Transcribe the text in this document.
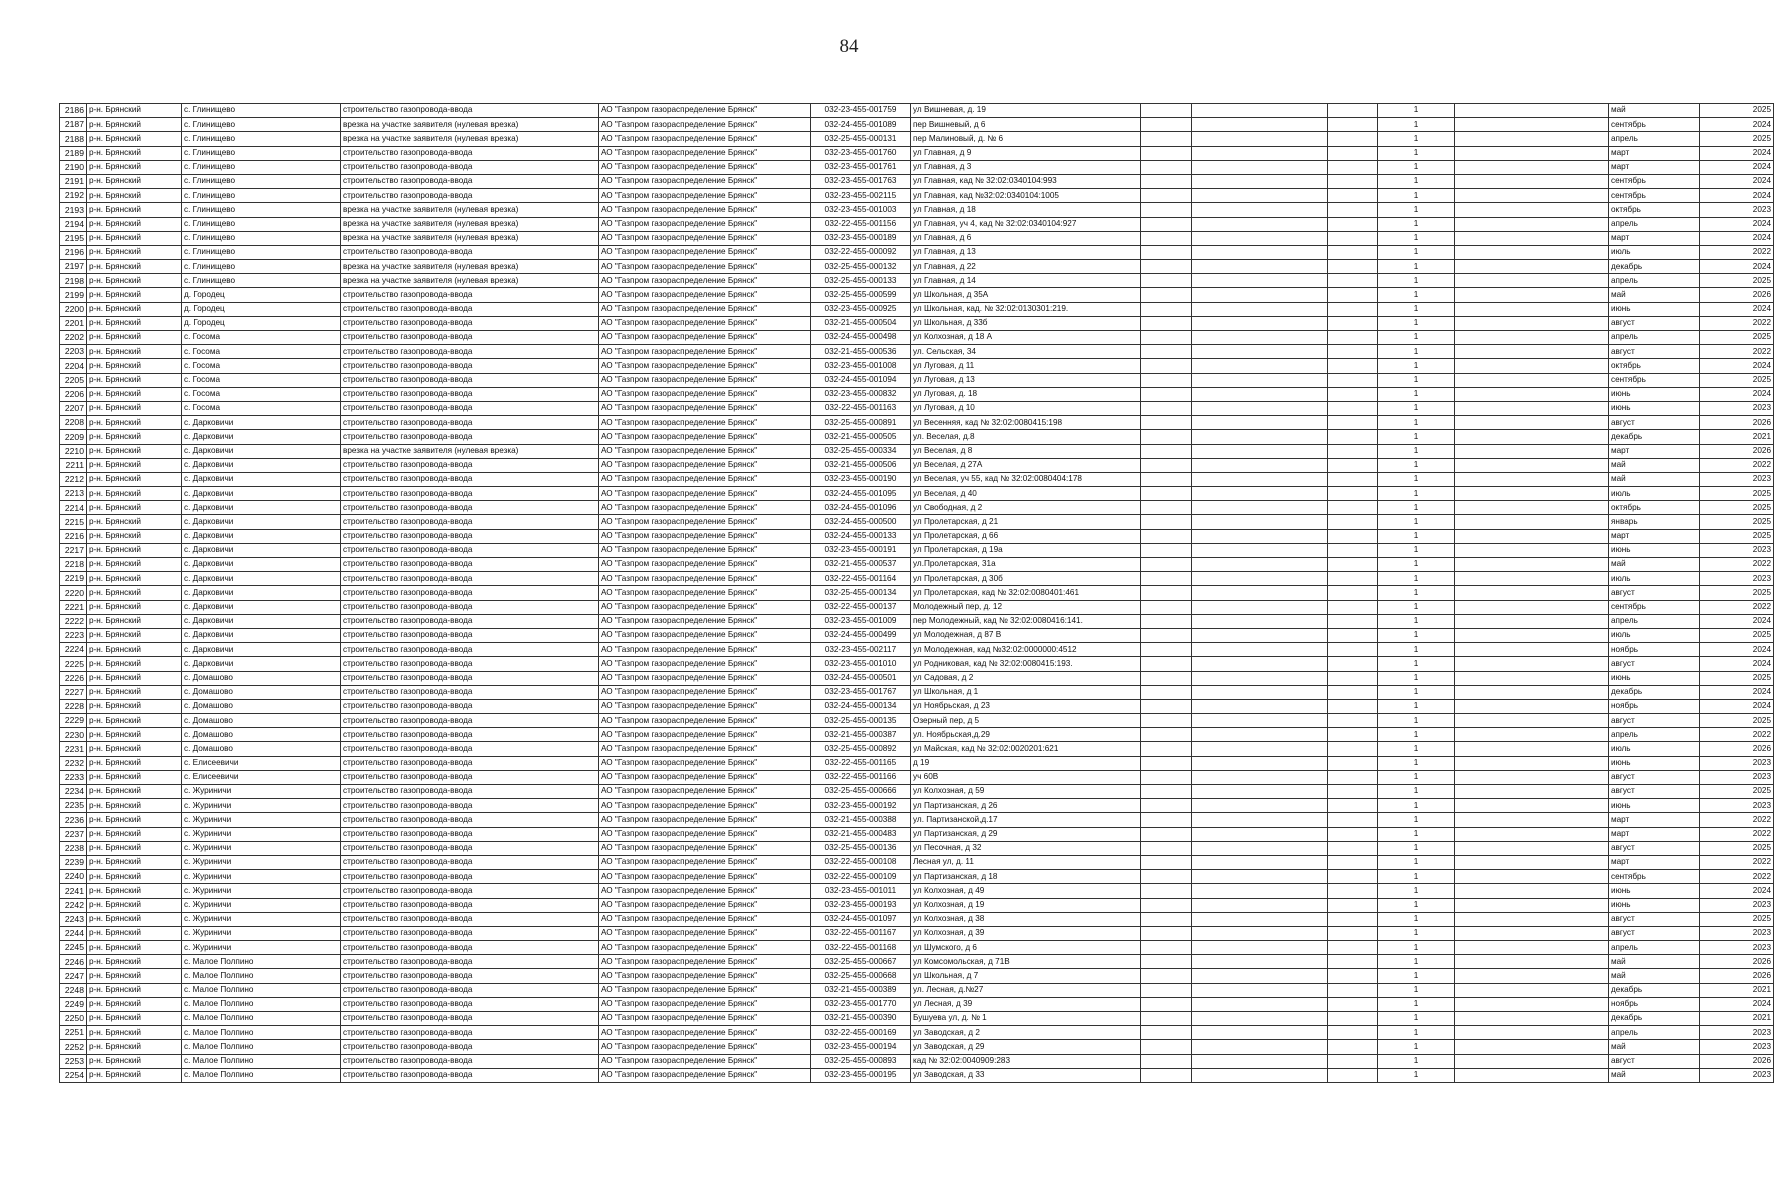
84
2186	р-н. Брянский	с. Глинищево	строительство газопровода-ввода	АО "Газпром газораспределение Брянск"	032-23-455-001759	ул Вишневая, д. 19				1		май	2025
2187	р-н. Брянский	с. Глинищево	врезка на участке заявителя (нулевая врезка)	АО "Газпром газораспределение Брянск"	032-24-455-001089	пер Вишневый, д 6				1		сентябрь	2024
2188	р-н. Брянский	с. Глинищево	врезка на участке заявителя (нулевая врезка)	АО "Газпром газораспределение Брянск"	032-25-455-000131	пер Малиновый, д. № 6				1		апрель	2025
2189	р-н. Брянский	с. Глинищево	строительство газопровода-ввода	АО "Газпром газораспределение Брянск"	032-23-455-001760	ул Главная, д 9				1		март	2024
2190	р-н. Брянский	с. Глинищево	строительство газопровода-ввода	АО "Газпром газораспределение Брянск"	032-23-455-001761	ул Главная, д 3				1		март	2024
2191	р-н. Брянский	с. Глинищево	строительство газопровода-ввода	АО "Газпром газораспределение Брянск"	032-23-455-001763	ул Главная, кад № 32:02:0340104:993				1		сентябрь	2024
2192	р-н. Брянский	с. Глинищево	строительство газопровода-ввода	АО "Газпром газораспределение Брянск"	032-23-455-002115	ул Главная, кад №32:02:0340104:1005				1		сентябрь	2024
2193	р-н. Брянский	с. Глинищево	врезка на участке заявителя (нулевая врезка)	АО "Газпром газораспределение Брянск"	032-23-455-001003	ул Главная, д 18				1		октябрь	2023
2194	р-н. Брянский	с. Глинищево	врезка на участке заявителя (нулевая врезка)	АО "Газпром газораспределение Брянск"	032-22-455-001156	ул Главная, уч 4, кад № 32:02:0340104:927				1		апрель	2024
2195	р-н. Брянский	с. Глинищево	врезка на участке заявителя (нулевая врезка)	АО "Газпром газораспределение Брянск"	032-23-455-000189	ул Главная, д 6				1		март	2024
2196	р-н. Брянский	с. Глинищево	строительство газопровода-ввода	АО "Газпром газораспределение Брянск"	032-22-455-000092	ул Главная, д 13				1		июль	2022
2197	р-н. Брянский	с. Глинищево	врезка на участке заявителя (нулевая врезка)	АО "Газпром газораспределение Брянск"	032-25-455-000132	ул Главная, д 22				1		декабрь	2024
2198	р-н. Брянский	с. Глинищево	врезка на участке заявителя (нулевая врезка)	АО "Газпром газораспределение Брянск"	032-25-455-000133	ул Главная, д 14				1		апрель	2025
2199	р-н. Брянский	д. Городец	строительство газопровода-ввода	АО "Газпром газораспределение Брянск"	032-25-455-000599	ул Школьная, д 35А				1		май	2026
2200	р-н. Брянский	д. Городец	строительство газопровода-ввода	АО "Газпром газораспределение Брянск"	032-23-455-000925	ул Школьная, кад. № 32:02:0130301:219.				1		июнь	2024
2201	р-н. Брянский	д. Городец	строительство газопровода-ввода	АО "Газпром газораспределение Брянск"	032-21-455-000504	ул Школьная, д 33б				1		август	2022
2202	р-н. Брянский	с. Госома	строительство газопровода-ввода	АО "Газпром газораспределение Брянск"	032-24-455-000498	ул Колхозная, д 18 А				1		апрель	2025
2203	р-н. Брянский	с. Госома	строительство газопровода-ввода	АО "Газпром газораспределение Брянск"	032-21-455-000536	ул. Сельская, 34				1		август	2022
2204	р-н. Брянский	с. Госома	строительство газопровода-ввода	АО "Газпром газораспределение Брянск"	032-23-455-001008	ул Луговая, д 11				1		октябрь	2024
2205	р-н. Брянский	с. Госома	строительство газопровода-ввода	АО "Газпром газораспределение Брянск"	032-24-455-001094	ул Луговая, д 13				1		сентябрь	2025
2206	р-н. Брянский	с. Госома	строительство газопровода-ввода	АО "Газпром газораспределение Брянск"	032-23-455-000832	ул Луговая, д. 18				1		июнь	2024
2207	р-н. Брянский	с. Госома	строительство газопровода-ввода	АО "Газпром газораспределение Брянск"	032-22-455-001163	ул Луговая, д 10				1		июнь	2023
2208	р-н. Брянский	с. Дарковичи	строительство газопровода-ввода	АО "Газпром газораспределение Брянск"	032-25-455-000891	ул Весенняя, кад № 32:02:0080415:198				1		август	2026
2209	р-н. Брянский	с. Дарковичи	строительство газопровода-ввода	АО "Газпром газораспределение Брянск"	032-21-455-000505	ул. Веселая, д.8				1		декабрь	2021
2210	р-н. Брянский	с. Дарковичи	врезка на участке заявителя (нулевая врезка)	АО "Газпром газораспределение Брянск"	032-25-455-000334	ул Веселая, д 8				1		март	2026
2211	р-н. Брянский	с. Дарковичи	строительство газопровода-ввода	АО "Газпром газораспределение Брянск"	032-21-455-000506	ул Веселая, д 27А				1		май	2022
2212	р-н. Брянский	с. Дарковичи	строительство газопровода-ввода	АО "Газпром газораспределение Брянск"	032-23-455-000190	ул Веселая, уч 55, кад № 32:02:0080404:178				1		май	2023
2213	р-н. Брянский	с. Дарковичи	строительство газопровода-ввода	АО "Газпром газораспределение Брянск"	032-24-455-001095	ул Веселая, д 40				1		июль	2025
2214	р-н. Брянский	с. Дарковичи	строительство газопровода-ввода	АО "Газпром газораспределение Брянск"	032-24-455-001096	ул Свободная, д 2				1		октябрь	2025
2215	р-н. Брянский	с. Дарковичи	строительство газопровода-ввода	АО "Газпром газораспределение Брянск"	032-24-455-000500	ул Пролетарская, д 21				1		январь	2025
2216	р-н. Брянский	с. Дарковичи	строительство газопровода-ввода	АО "Газпром газораспределение Брянск"	032-24-455-000133	ул Пролетарская, д 66				1		март	2025
2217	р-н. Брянский	с. Дарковичи	строительство газопровода-ввода	АО "Газпром газораспределение Брянск"	032-23-455-000191	ул Пролетарская, д 19а				1		июнь	2023
2218	р-н. Брянский	с. Дарковичи	строительство газопровода-ввода	АО "Газпром газораспределение Брянск"	032-21-455-000537	ул.Пролетарская, 31а				1		май	2022
2219	р-н. Брянский	с. Дарковичи	строительство газопровода-ввода	АО "Газпром газораспределение Брянск"	032-22-455-001164	ул Пролетарская, д 30б				1		июль	2023
2220	р-н. Брянский	с. Дарковичи	строительство газопровода-ввода	АО "Газпром газораспределение Брянск"	032-25-455-000134	ул Пролетарская, кад № 32:02:0080401:461				1		август	2025
2221	р-н. Брянский	с. Дарковичи	строительство газопровода-ввода	АО "Газпром газораспределение Брянск"	032-22-455-000137	Молодежный пер, д. 12				1		сентябрь	2022
2222	р-н. Брянский	с. Дарковичи	строительство газопровода-ввода	АО "Газпром газораспределение Брянск"	032-23-455-001009	пер Молодежный, кад № 32:02:0080416:141.				1		апрель	2024
2223	р-н. Брянский	с. Дарковичи	строительство газопровода-ввода	АО "Газпром газораспределение Брянск"	032-24-455-000499	ул Молодежная, д 87 В				1		июль	2025
2224	р-н. Брянский	с. Дарковичи	строительство газопровода-ввода	АО "Газпром газораспределение Брянск"	032-23-455-002117	ул Молодежная, кад №32:02:0000000:4512				1		ноябрь	2024
2225	р-н. Брянский	с. Дарковичи	строительство газопровода-ввода	АО "Газпром газораспределение Брянск"	032-23-455-001010	ул Родниковая, кад № 32:02:0080415:193.				1		август	2024
2226	р-н. Брянский	с. Домашово	строительство газопровода-ввода	АО "Газпром газораспределение Брянск"	032-24-455-000501	ул Садовая, д 2				1		июнь	2025
2227	р-н. Брянский	с. Домашово	строительство газопровода-ввода	АО "Газпром газораспределение Брянск"	032-23-455-001767	ул Школьная, д 1				1		декабрь	2024
2228	р-н. Брянский	с. Домашово	строительство газопровода-ввода	АО "Газпром газораспределение Брянск"	032-24-455-000134	ул Ноябрьская, д 23				1		ноябрь	2024
2229	р-н. Брянский	с. Домашово	строительство газопровода-ввода	АО "Газпром газораспределение Брянск"	032-25-455-000135	Озерный пер, д 5				1		август	2025
2230	р-н. Брянский	с. Домашово	строительство газопровода-ввода	АО "Газпром газораспределение Брянск"	032-21-455-000387	ул. Ноябрьская,д.29				1		апрель	2022
2231	р-н. Брянский	с. Домашово	строительство газопровода-ввода	АО "Газпром газораспределение Брянск"	032-25-455-000892	ул Майская, кад № 32:02:0020201:621				1		июль	2026
2232	р-н. Брянский	с. Елисеевичи	строительство газопровода-ввода	АО "Газпром газораспределение Брянск"	032-22-455-001165	д 19				1		июнь	2023
2233	р-н. Брянский	с. Елисеевичи	строительство газопровода-ввода	АО "Газпром газораспределение Брянск"	032-22-455-001166	уч 60В				1		август	2023
2234	р-н. Брянский	с. Журиничи	строительство газопровода-ввода	АО "Газпром газораспределение Брянск"	032-25-455-000666	ул Колхозная, д 59				1		август	2025
2235	р-н. Брянский	с. Журиничи	строительство газопровода-ввода	АО "Газпром газораспределение Брянск"	032-23-455-000192	ул Партизанская, д 26				1		июнь	2023
2236	р-н. Брянский	с. Журиничи	строительство газопровода-ввода	АО "Газпром газораспределение Брянск"	032-21-455-000388	ул. Партизанской,д.17				1		март	2022
2237	р-н. Брянский	с. Журиничи	строительство газопровода-ввода	АО "Газпром газораспределение Брянск"	032-21-455-000483	ул Партизанская, д 29				1		март	2022
2238	р-н. Брянский	с. Журиничи	строительство газопровода-ввода	АО "Газпром газораспределение Брянск"	032-25-455-000136	ул Песочная, д 32				1		август	2025
2239	р-н. Брянский	с. Журиничи	строительство газопровода-ввода	АО "Газпром газораспределение Брянск"	032-22-455-000108	Лесная ул, д. 11				1		март	2022
2240	р-н. Брянский	с. Журиничи	строительство газопровода-ввода	АО "Газпром газораспределение Брянск"	032-22-455-000109	ул Партизанская, д 18				1		сентябрь	2022
2241	р-н. Брянский	с. Журиничи	строительство газопровода-ввода	АО "Газпром газораспределение Брянск"	032-23-455-001011	ул Колхозная, д 49				1		июнь	2024
2242	р-н. Брянский	с. Журиничи	строительство газопровода-ввода	АО "Газпром газораспределение Брянск"	032-23-455-000193	ул Колхозная, д 19				1		июнь	2023
2243	р-н. Брянский	с. Журиничи	строительство газопровода-ввода	АО "Газпром газораспределение Брянск"	032-24-455-001097	ул Колхозная, д 38				1		август	2025
2244	р-н. Брянский	с. Журиничи	строительство газопровода-ввода	АО "Газпром газораспределение Брянск"	032-22-455-001167	ул Колхозная, д 39				1		август	2023
2245	р-н. Брянский	с. Журиничи	строительство газопровода-ввода	АО "Газпром газораспределение Брянск"	032-22-455-001168	ул Шумского, д 6				1		апрель	2023
2246	р-н. Брянский	с. Малое Полпино	строительство газопровода-ввода	АО "Газпром газораспределение Брянск"	032-25-455-000667	ул Комсомольская, д 71В				1		май	2026
2247	р-н. Брянский	с. Малое Полпино	строительство газопровода-ввода	АО "Газпром газораспределение Брянск"	032-25-455-000668	ул Школьная, д 7				1		май	2026
2248	р-н. Брянский	с. Малое Полпино	строительство газопровода-ввода	АО "Газпром газораспределение Брянск"	032-21-455-000389	ул. Лесная, д.№27				1		декабрь	2021
2249	р-н. Брянский	с. Малое Полпино	строительство газопровода-ввода	АО "Газпром газораспределение Брянск"	032-23-455-001770	ул Лесная, д 39				1		ноябрь	2024
2250	р-н. Брянский	с. Малое Полпино	строительство газопровода-ввода	АО "Газпром газораспределение Брянск"	032-21-455-000390	Бушуева ул, д. № 1				1		декабрь	2021
2251	р-н. Брянский	с. Малое Полпино	строительство газопровода-ввода	АО "Газпром газораспределение Брянск"	032-22-455-000169	ул Заводская, д 2				1		апрель	2023
2252	р-н. Брянский	с. Малое Полпино	строительство газопровода-ввода	АО "Газпром газораспределение Брянск"	032-23-455-000194	ул Заводская, д 29				1		май	2023
2253	р-н. Брянский	с. Малое Полпино	строительство газопровода-ввода	АО "Газпром газораспределение Брянск"	032-25-455-000893	кад № 32:02:0040909:283				1		август	2026
2254	р-н. Брянский	с. Малое Полпино	строительство газопровода-ввода	АО "Газпром газораспределение Брянск"	032-23-455-000195	ул Заводская, д 33				1		май	2023
